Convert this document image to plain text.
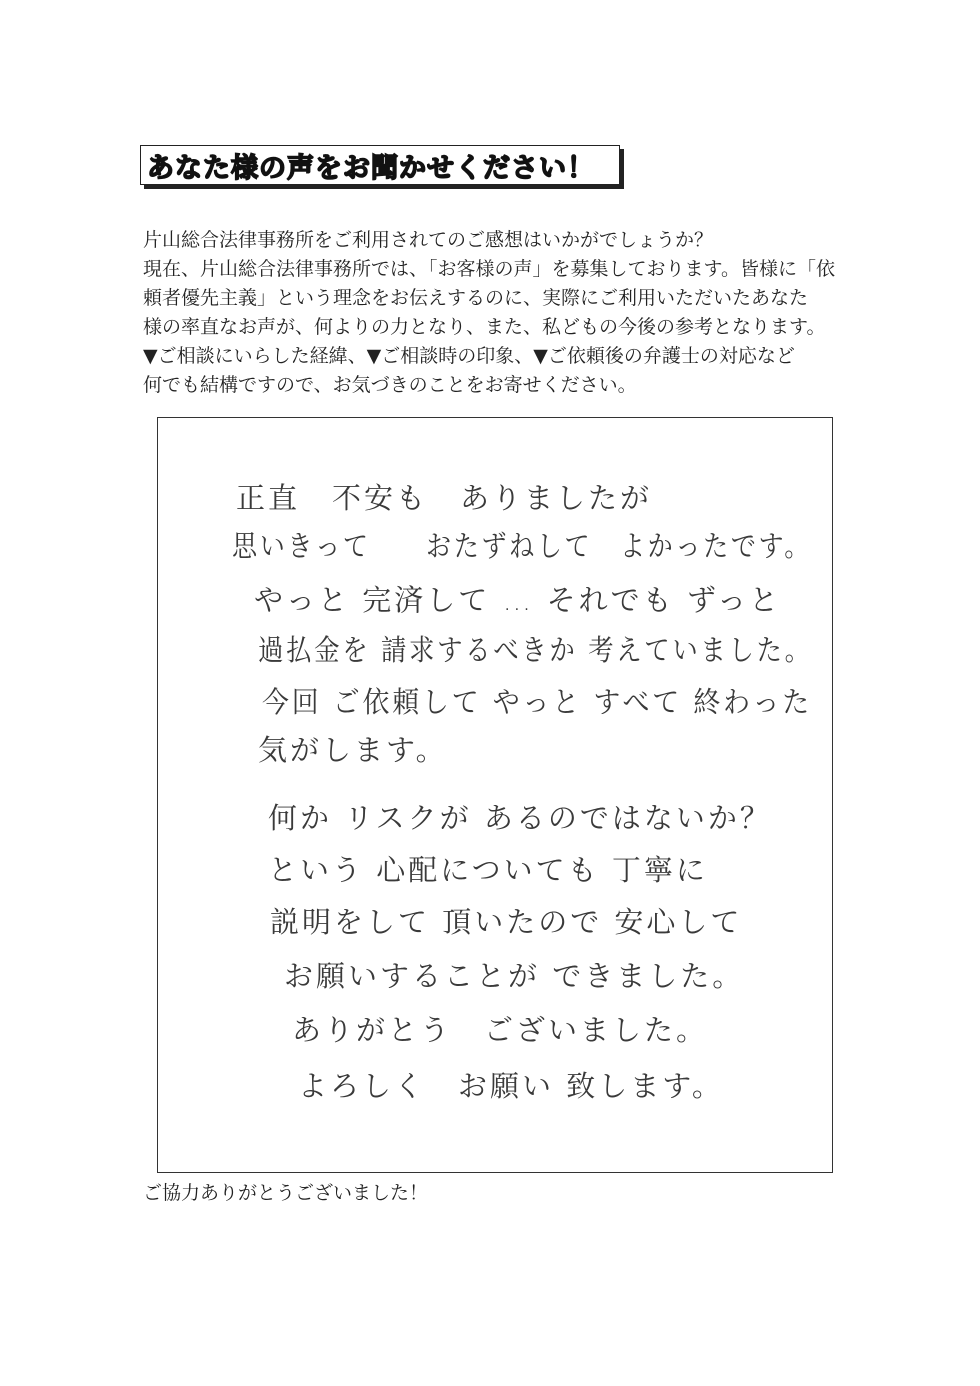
あなた様の声をお聞かせください！
片山総合法律事務所をご利用されてのご感想はいかがでしょうか？
現在、片山総合法律事務所では、「お客様の声」を募集しております。皆様に「依
頼者優先主義」という理念をお伝えするのに、実際にご利用いただいたあなた
様の率直なお声が、何よりの力となり、また、私どもの今後の参考となります。
▼ご相談にいらした経緯、▼ご相談時の印象、▼ご依頼後の弁護士の対応など
何でも結構ですので、お気づきのことをお寄せください。
正直　不安も　ありましたが
思いきって　　おたずねして　よかったです。
やっと 完済して … それでも ずっと
過払金を 請求するべきか 考えていました。
今回 ご依頼して やっと すべて 終わった
気がします。
何か リスクが あるのではないか？
という 心配についても 丁寧に
説明をして 頂いたので 安心して
お願いすることが できました。
ありがとう　ございました。
よろしく　お願い 致します。
ご協力ありがとうございました！
